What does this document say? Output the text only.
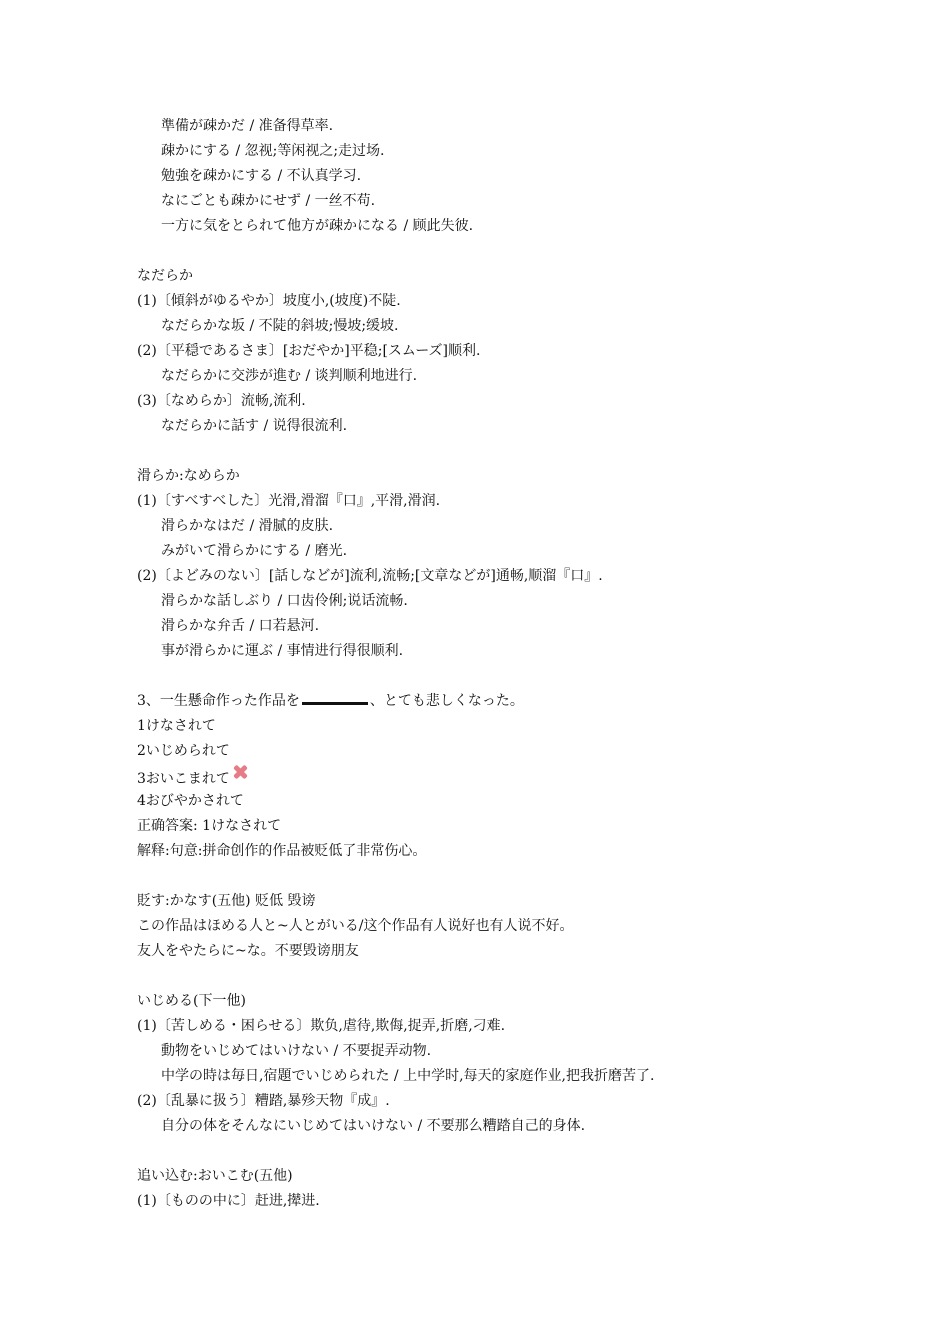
準備が疎かだ / 准备得草率.
疎かにする / 忽视;等闲视之;走过场.
勉強を疎かにする / 不认真学习.
なにごとも疎かにせず / 一丝不苟.
一方に気をとられて他方が疎かになる / 顾此失彼.
なだらか
(1)〔傾斜がゆるやか〕坡度小,(坡度)不陡.
なだらかな坂 / 不陡的斜坡;慢坡;缓坡.
(2)〔平穏であるさま〕[おだやか]平稳;[スムーズ]顺利.
なだらかに交渉が進む / 谈判顺利地进行.
(3)〔なめらか〕流畅,流利.
なだらかに話す / 说得很流利.
滑らか:なめらか
(1)〔すべすべした〕光滑,滑溜『口』,平滑,滑润.
滑らかなはだ / 滑腻的皮肤.
みがいて滑らかにする / 磨光.
(2)〔よどみのない〕[話しなどが]流利,流畅;[文章などが]通畅,顺溜『口』.
滑らかな話しぶり / 口齿伶俐;说话流畅.
滑らかな弁舌 / 口若悬河.
事が滑らかに運ぶ / 事情进行得很顺利.
3、一生懸命作った作品を	、とても悲しくなった。
1けなされて
2いじめられて
3おいこまれて
4おびやかされて
正确答案: 1けなされて
解释:句意:拼命创作的作品被贬低了非常伤心。
貶す:かなす(五他) 贬低 毁谤
この作品はほめる人と~人とがいる/这个作品有人说好也有人说不好。
友人をやたらに~な。不要毁谤朋友
いじめる(下一他)
(1)〔苦しめる・困らせる〕欺负,虐待,欺侮,捉弄,折磨,刁难.
動物をいじめてはいけない / 不要捉弄动物.
中学の時は毎日,宿題でいじめられた / 上中学时,每天的家庭作业,把我折磨苦了.
(2)〔乱暴に扱う〕糟踏,暴殄天物『成』.
自分の体をそんなにいじめてはいけない / 不要那么糟踏自己的身体.
追い込む:おいこむ(五他)
(1)〔ものの中に〕赶进,撵进.
